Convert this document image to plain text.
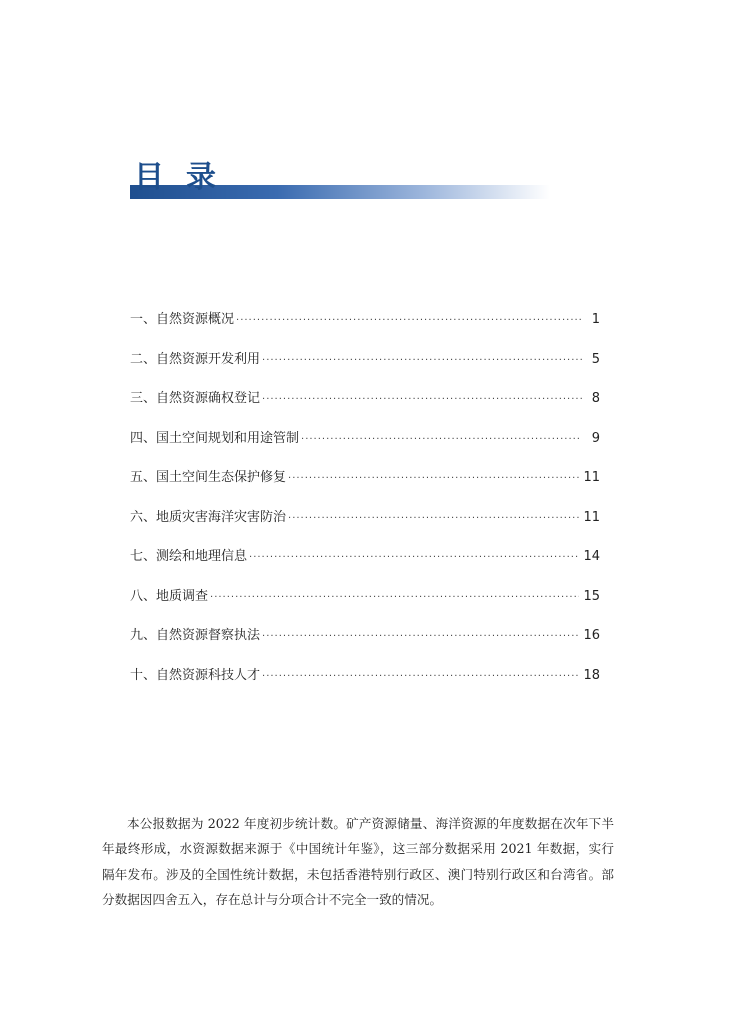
目录
一、自然资源概况 ·····	1
二、自然资源开发利用 ·····	5
三、自然资源确权登记 ·····	8
四、国土空间规划和用途管制 ·····	9
五、国土空间生态保护修复 ·····	11
六、地质灾害海洋灾害防治 ·····	11
七、测绘和地理信息 ·····	14
八、地质调查 ·····	15
九、自然资源督察执法 ·····	16
十、自然资源科技人才 ·····	18

本公报数据为 2022 年度初步统计数。矿产资源储量、海洋资源的年度数据在次年下半年最终形成，水资源数据来源于《中国统计年鉴》，这三部分数据采用 2021 年数据，实行隔年发布。涉及的全国性统计数据，未包括香港特别行政区、澳门特别行政区和台湾省。部分数据因四舍五入，存在总计与分项合计不完全一致的情况。
